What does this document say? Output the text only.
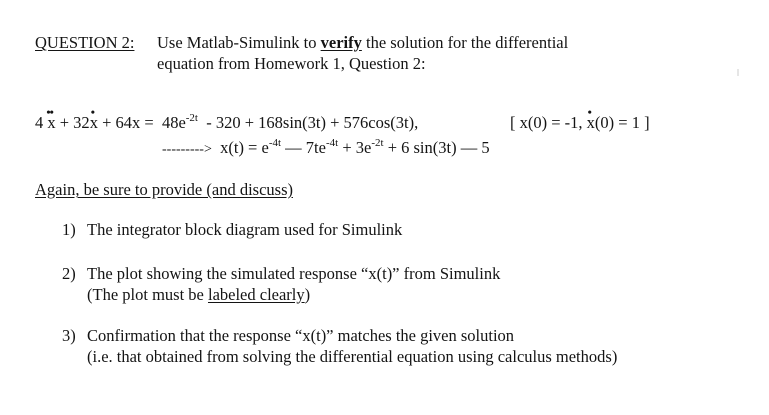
QUESTION 2: Use Matlab-Simulink to verify the solution for the differential
equation from Homework 1, Question 2:
4 •• x + 32• $x + 64x = 48e^{-2t} - 320 + 168\sin(3t) + 576\cos(3t)$,	[ x(0) = -1, • x(0) = 1 ]
---------> $x(t) = e^{-4t}$ — $7te^{-4t} + 3e^{-2t} + 6$ sin(3t) — 5
Again, be sure to provide (and discuss)
1) The integrator block diagram used for Simulink
2) The plot showing the simulated response “x(t)” from Simulink
(The plot must be labeled clearly)
3) Confirmation that the response “x(t)” matches the given solution
(i.e. that obtained from solving the differential equation using calculus methods)
